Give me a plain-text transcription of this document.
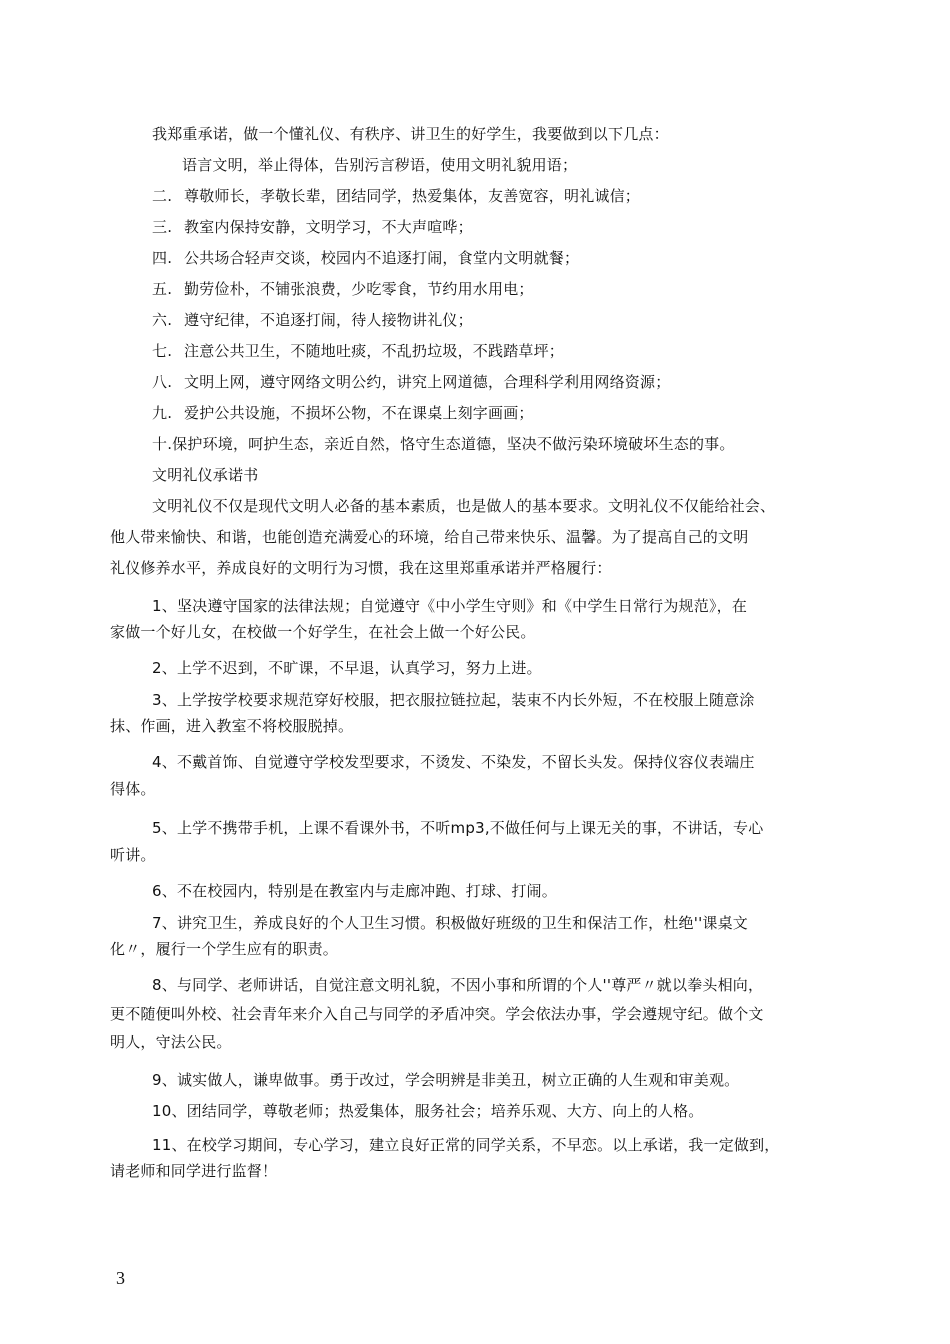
我郑重承诺，做一个懂礼仪、有秩序、讲卫生的好学生，我要做到以下几点：
语言文明，举止得体，告别污言秽语，使用文明礼貌用语；
二. 尊敬师长，孝敬长辈，团结同学，热爱集体，友善宽容，明礼诚信；
三. 教室内保持安静，文明学习，不大声喧哗；
四. 公共场合轻声交谈，校园内不追逐打闹，食堂内文明就餐；
五. 勤劳俭朴，不铺张浪费，少吃零食，节约用水用电；
六. 遵守纪律，不追逐打闹，待人接物讲礼仪；
七. 注意公共卫生，不随地吐痰，不乱扔垃圾，不践踏草坪；
八. 文明上网，遵守网络文明公约，讲究上网道德，合理科学利用网络资源；
九. 爱护公共设施，不损坏公物，不在课桌上刻字画画；
十.保护环境，呵护生态，亲近自然，恪守生态道德，坚决不做污染环境破坏生态的事。
文明礼仪承诺书
文明礼仪不仅是现代文明人必备的基本素质，也是做人的基本要求。文明礼仪不仅能给社会、
他人带来愉快、和谐，也能创造充满爱心的环境，给自己带来快乐、温馨。为了提高自己的文明
礼仪修养水平，养成良好的文明行为习惯，我在这里郑重承诺并严格履行：
1、坚决遵守国家的法律法规；自觉遵守《中小学生守则》和《中学生日常行为规范》，在
家做一个好儿女，在校做一个好学生，在社会上做一个好公民。
2、上学不迟到，不旷课，不早退，认真学习，努力上进。
3、上学按学校要求规范穿好校服，把衣服拉链拉起，装束不内长外短，不在校服上随意涂
抹、作画，进入教室不将校服脱掉。
4、不戴首饰、自觉遵守学校发型要求，不烫发、不染发，不留长头发。保持仪容仪表端庄
得体。
5、上学不携带手机，上课不看课外书，不听mp3,不做任何与上课无关的事，不讲话，专心
听讲。
6、不在校园内，特别是在教室内与走廊冲跑、打球、打闹。
7、讲究卫生，养成良好的个人卫生习惯。积极做好班级的卫生和保洁工作，杜绝''课桌文
化〃，履行一个学生应有的职责。
8、与同学、老师讲话，自觉注意文明礼貌，不因小事和所谓的个人''尊严〃就以拳头相向，
更不随便叫外校、社会青年来介入自己与同学的矛盾冲突。学会依法办事，学会遵规守纪。做个文
明人，守法公民。
9、诚实做人，谦卑做事。勇于改过，学会明辨是非美丑，树立正确的人生观和审美观。
10、团结同学，尊敬老师；热爱集体，服务社会；培养乐观、大方、向上的人格。
11、在校学习期间，专心学习，建立良好正常的同学关系，不早恋。以上承诺，我一定做到，
请老师和同学进行监督！
3
